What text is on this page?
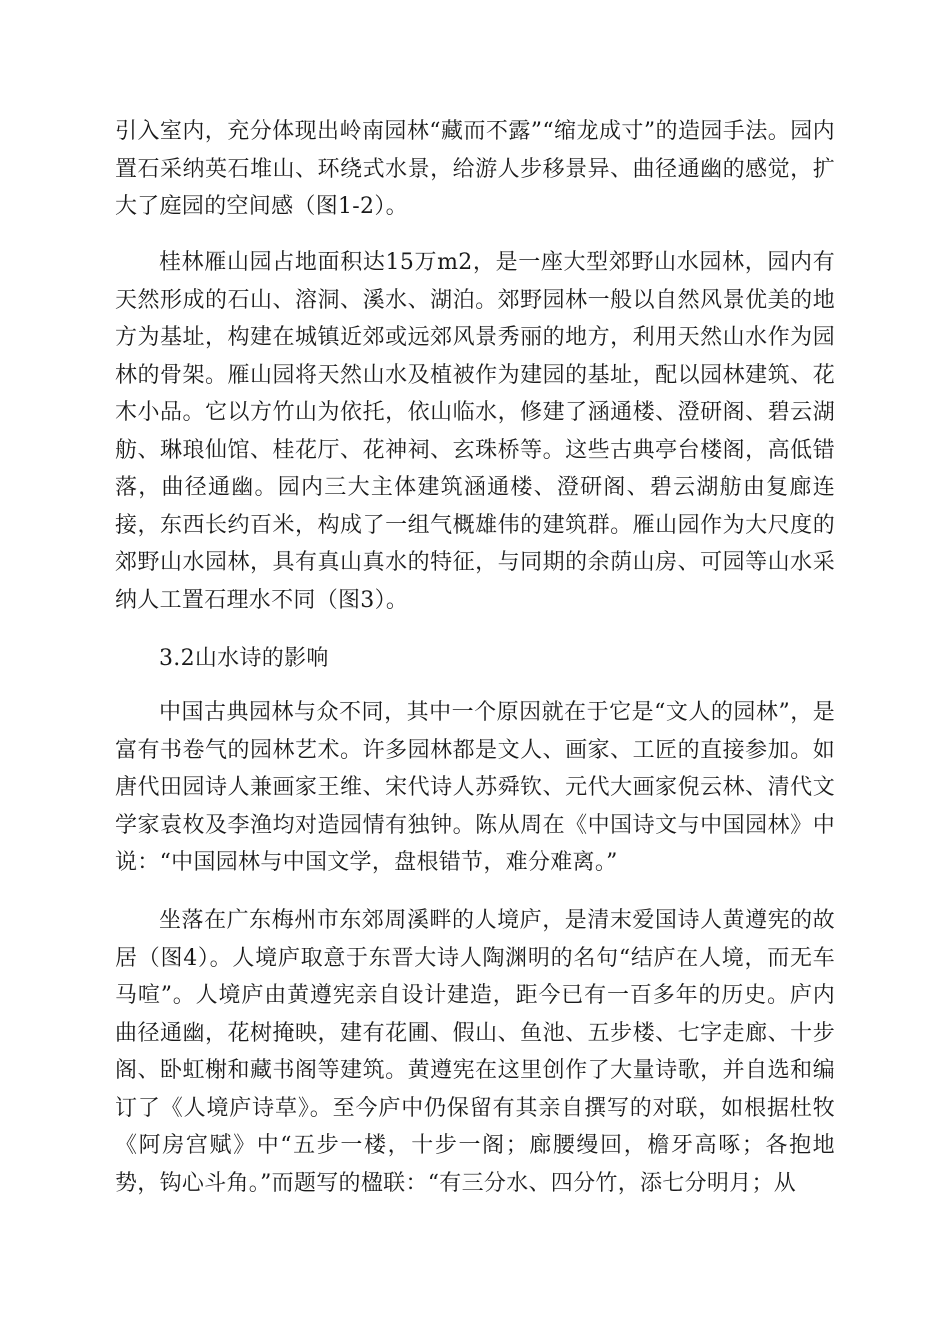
引入室内，充分体现出岭南园林“藏而不露”“缩龙成寸”的造园手法。园内置石采纳英石堆山、环绕式水景，给游人步移景异、曲径通幽的感觉，扩大了庭园的空间感（图1-2）。

桂林雁山园占地面积达15万m2，是一座大型郊野山水园林，园内有天然形成的石山、溶洞、溪水、湖泊。郊野园林一般以自然风景优美的地方为基址，构建在城镇近郊或远郊风景秀丽的地方，利用天然山水作为园林的骨架。雁山园将天然山水及植被作为建园的基址，配以园林建筑、花木小品。它以方竹山为依托，依山临水，修建了涵通楼、澄研阁、碧云湖舫、琳琅仙馆、桂花厅、花神祠、玄珠桥等。这些古典亭台楼阁，高低错落，曲径通幽。园内三大主体建筑涵通楼、澄研阁、碧云湖舫由复廊连接，东西长约百米，构成了一组气概雄伟的建筑群。雁山园作为大尺度的郊野山水园林，具有真山真水的特征，与同期的余荫山房、可园等山水采纳人工置石理水不同（图3）。

3.2山水诗的影响

中国古典园林与众不同，其中一个原因就在于它是“文人的园林”，是富有书卷气的园林艺术。许多园林都是文人、画家、工匠的直接参加。如唐代田园诗人兼画家王维、宋代诗人苏舜钦、元代大画家倪云林、清代文学家袁枚及李渔均对造园情有独钟。陈从周在《中国诗文与中国园林》中说：“中国园林与中国文学，盘根错节，难分难离。”

坐落在广东梅州市东郊周溪畔的人境庐，是清末爱国诗人黄遵宪的故居（图4）。人境庐取意于东晋大诗人陶渊明的名句“结庐在人境，而无车马喧”。人境庐由黄遵宪亲自设计建造，距今已有一百多年的历史。庐内曲径通幽，花树掩映，建有花圃、假山、鱼池、五步楼、七字走廊、十步阁、卧虹榭和藏书阁等建筑。黄遵宪在这里创作了大量诗歌，并自选和编订了《人境庐诗草》。至今庐中仍保留有其亲自撰写的对联，如根据杜牧《阿房宫赋》中“五步一楼，十步一阁；廊腰缦回，檐牙高啄；各抱地势，钩心斗角。”而题写的楹联：“有三分水、四分竹，添七分明月；从
